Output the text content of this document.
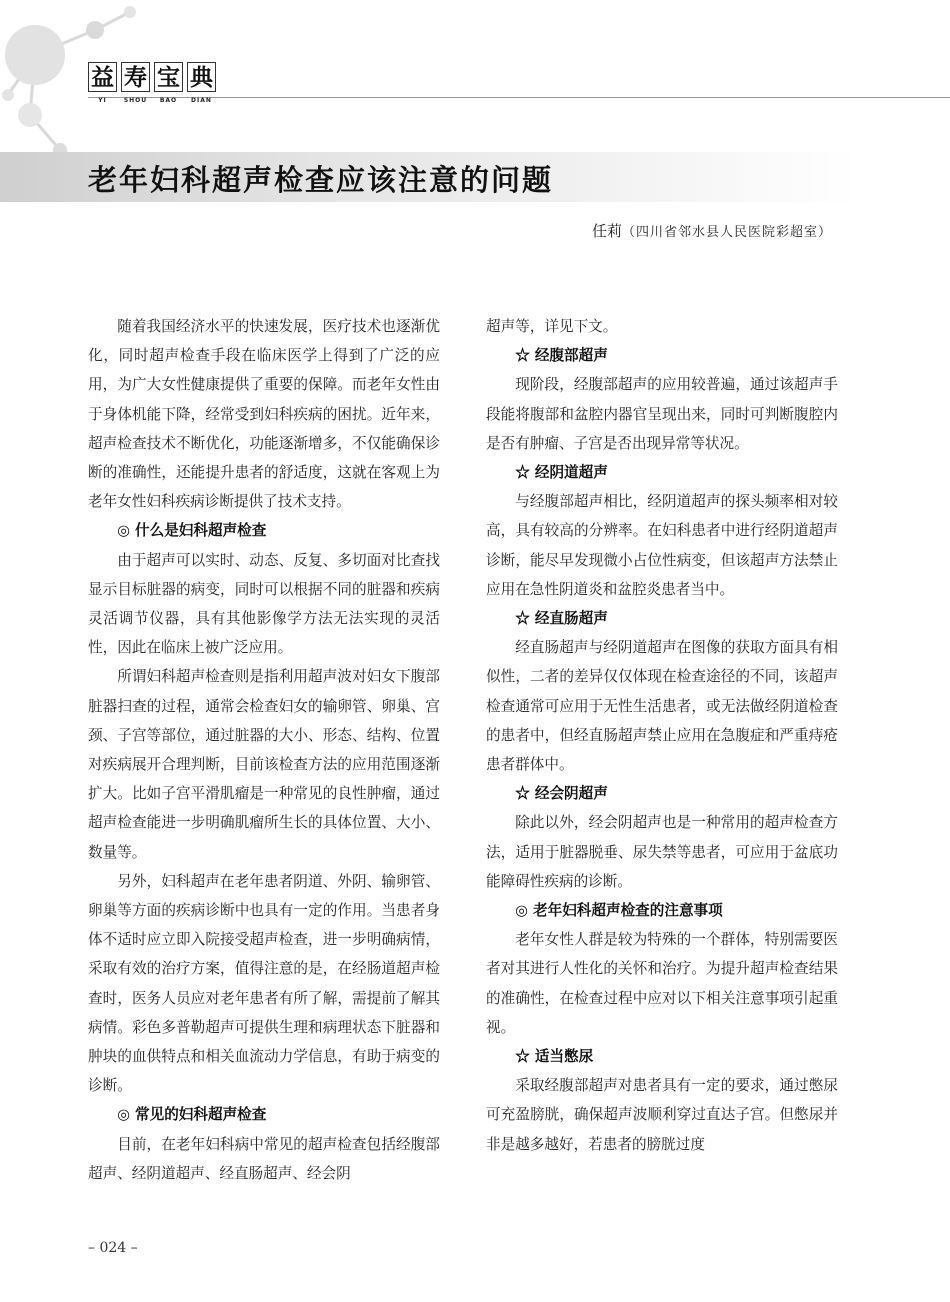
益 寿 宝 典
YI	SHOU	BAO	DIAN
老年妇科超声检查应该注意的问题
任莉（四川省邻水县人民医院彩超室）

随着我国经济水平的快速发展，医疗技术也逐渐优化，同时超声检查手段在临床医学上得到了广泛的应用，为广大女性健康提供了重要的保障。而老年女性由于身体机能下降，经常受到妇科疾病的困扰。近年来，超声检查技术不断优化，功能逐渐增多，不仅能确保诊断的准确性，还能提升患者的舒适度，这就在客观上为老年女性妇科疾病诊断提供了技术支持。

◎ 什么是妇科超声检查

由于超声可以实时、动态、反复、多切面对比查找显示目标脏器的病变，同时可以根据不同的脏器和疾病灵活调节仪器，具有其他影像学方法无法实现的灵活性，因此在临床上被广泛应用。

所谓妇科超声检查则是指利用超声波对妇女下腹部脏器扫查的过程，通常会检查妇女的输卵管、卵巢、宫颈、子宫等部位，通过脏器的大小、形态、结构、位置对疾病展开合理判断，目前该检查方法的应用范围逐渐扩大。比如子宫平滑肌瘤是一种常见的良性肿瘤，通过超声检查能进一步明确肌瘤所生长的具体位置、大小、数量等。

另外，妇科超声在老年患者阴道、外阴、输卵管、卵巢等方面的疾病诊断中也具有一定的作用。当患者身体不适时应立即入院接受超声检查，进一步明确病情，采取有效的治疗方案，值得注意的是，在经肠道超声检查时，医务人员应对老年患者有所了解，需提前了解其病情。彩色多普勒超声可提供生理和病理状态下脏器和肿块的血供特点和相关血流动力学信息，有助于病变的诊断。

◎ 常见的妇科超声检查

目前，在老年妇科病中常见的超声检查包括经腹部超声、经阴道超声、经直肠超声、经会阴

超声等，详见下文。

☆ 经腹部超声

现阶段，经腹部超声的应用较普遍，通过该超声手段能将腹部和盆腔内器官呈现出来，同时可判断腹腔内是否有肿瘤、子宫是否出现异常等状况。

☆ 经阴道超声

与经腹部超声相比，经阴道超声的探头频率相对较高，具有较高的分辨率。在妇科患者中进行经阴道超声诊断，能尽早发现微小占位性病变，但该超声方法禁止应用在急性阴道炎和盆腔炎患者当中。

☆ 经直肠超声

经直肠超声与经阴道超声在图像的获取方面具有相似性，二者的差异仅仅体现在检查途径的不同，该超声检查通常可应用于无性生活患者，或无法做经阴道检查的患者中，但经直肠超声禁止应用在急腹症和严重痔疮患者群体中。

☆ 经会阴超声

除此以外，经会阴超声也是一种常用的超声检查方法，适用于脏器脱垂、尿失禁等患者，可应用于盆底功能障碍性疾病的诊断。

◎ 老年妇科超声检查的注意事项

老年女性人群是较为特殊的一个群体，特别需要医者对其进行人性化的关怀和治疗。为提升超声检查结果的准确性，在检查过程中应对以下相关注意事项引起重视。

☆ 适当憋尿

采取经腹部超声对患者具有一定的要求，通过憋尿可充盈膀胱，确保超声波顺利穿过直达子宫。但憋尿并非是越多越好，若患者的膀胱过度

– 024 –
